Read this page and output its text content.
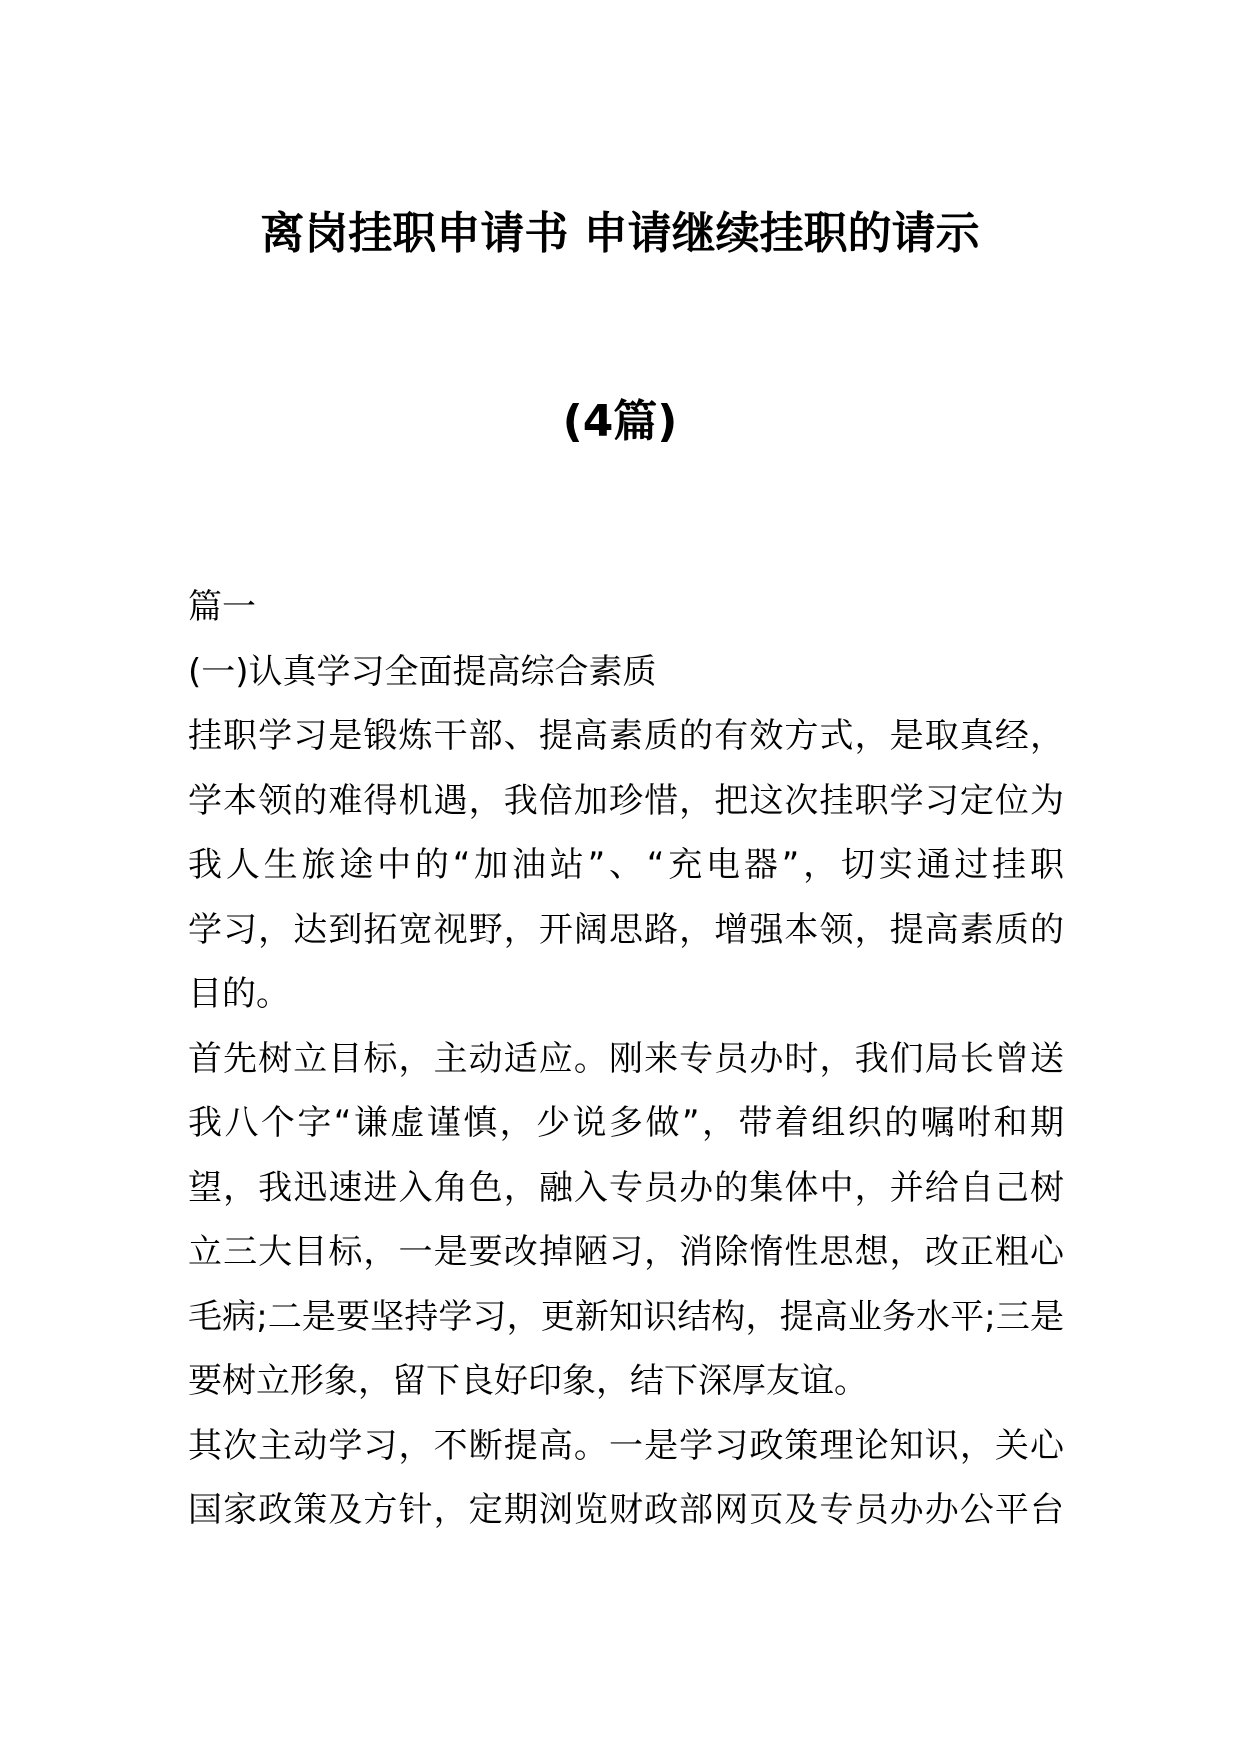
离岗挂职申请书 申请继续挂职的请示
(4篇)
篇一
(一)认真学习全面提高综合素质
挂职学习是锻炼干部、提高素质的有效方式，是取真经，
学本领的难得机遇，我倍加珍惜，把这次挂职学习定位为
我人生旅途中的“加油站”、“充电器”，切实通过挂职
学习，达到拓宽视野，开阔思路，增强本领，提高素质的
目的。
首先树立目标，主动适应。刚来专员办时，我们局长曾送
我八个字“谦虚谨慎，少说多做”，带着组织的嘱咐和期
望，我迅速进入角色，融入专员办的集体中，并给自己树
立三大目标，一是要改掉陋习，消除惰性思想，改正粗心
毛病;二是要坚持学习，更新知识结构，提高业务水平;三是
要树立形象，留下良好印象，结下深厚友谊。
其次主动学习，不断提高。一是学习政策理论知识，关心
国家政策及方针，定期浏览财政部网页及专员办办公平台
